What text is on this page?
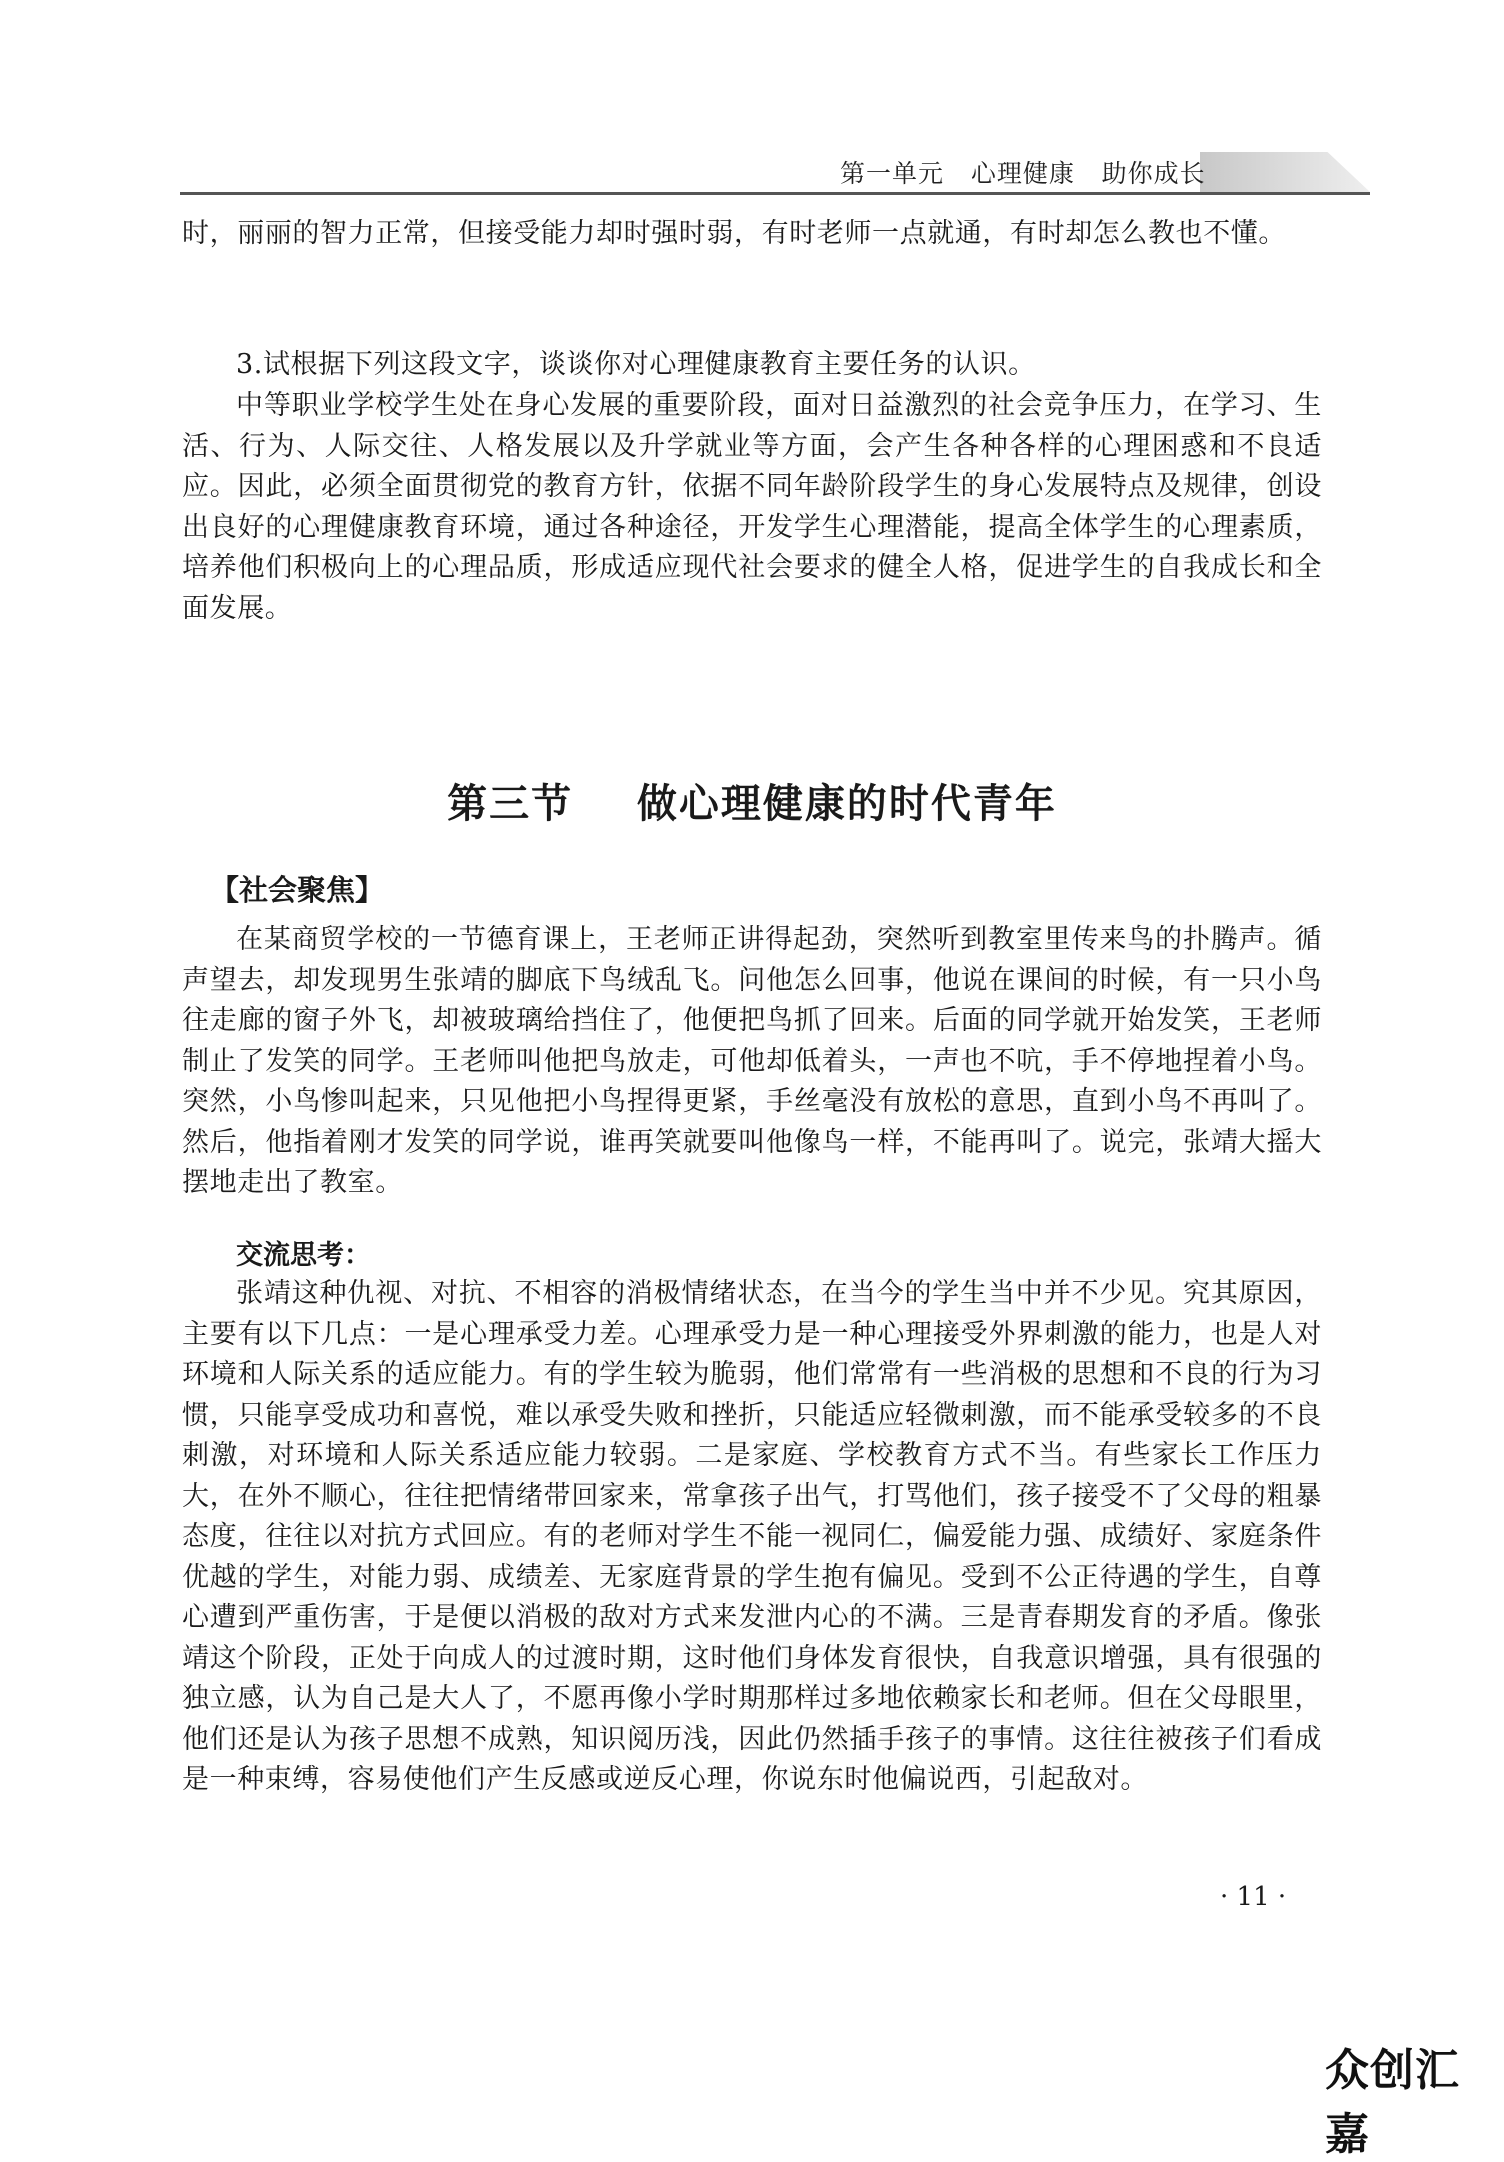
第一单元   心理健康   助你成长
时，丽丽的智力正常，但接受能力却时强时弱，有时老师一点就通，有时却怎么教也不懂。
3.试根据下列这段文字，谈谈你对心理健康教育主要任务的认识。
中等职业学校学生处在身心发展的重要阶段，面对日益激烈的社会竞争压力，在学习、生活、行为、人际交往、人格发展以及升学就业等方面，会产生各种各样的心理困惑和不良适应。因此，必须全面贯彻党的教育方针，依据不同年龄阶段学生的身心发展特点及规律，创设出良好的心理健康教育环境，通过各种途径，开发学生心理潜能，提高全体学生的心理素质，培养他们积极向上的心理品质，形成适应现代社会要求的健全人格，促进学生的自我成长和全面发展。
第三节    做心理健康的时代青年
【社会聚焦】
在某商贸学校的一节德育课上，王老师正讲得起劲，突然听到教室里传来鸟的扑腾声。循声望去，却发现男生张靖的脚底下鸟绒乱飞。问他怎么回事，他说在课间的时候，有一只小鸟往走廊的窗子外飞，却被玻璃给挡住了，他便把鸟抓了回来。后面的同学就开始发笑，王老师制止了发笑的同学。王老师叫他把鸟放走，可他却低着头，一声也不吭，手不停地捏着小鸟。突然，小鸟惨叫起来，只见他把小鸟捏得更紧，手丝毫没有放松的意思，直到小鸟不再叫了。然后，他指着刚才发笑的同学说，谁再笑就要叫他像鸟一样，不能再叫了。说完，张靖大摇大摆地走出了教室。
交流思考：
张靖这种仇视、对抗、不相容的消极情绪状态，在当今的学生当中并不少见。究其原因，主要有以下几点：一是心理承受力差。心理承受力是一种心理接受外界刺激的能力，也是人对环境和人际关系的适应能力。有的学生较为脆弱，他们常常有一些消极的思想和不良的行为习惯，只能享受成功和喜悦，难以承受失败和挫折，只能适应轻微刺激，而不能承受较多的不良刺激，对环境和人际关系适应能力较弱。二是家庭、学校教育方式不当。有些家长工作压力大，在外不顺心，往往把情绪带回家来，常拿孩子出气，打骂他们，孩子接受不了父母的粗暴态度，往往以对抗方式回应。有的老师对学生不能一视同仁，偏爱能力强、成绩好、家庭条件优越的学生，对能力弱、成绩差、无家庭背景的学生抱有偏见。受到不公正待遇的学生，自尊心遭到严重伤害，于是便以消极的敌对方式来发泄内心的不满。三是青春期发育的矛盾。像张靖这个阶段，正处于向成人的过渡时期，这时他们身体发育很快，自我意识增强，具有很强的独立感，认为自己是大人了，不愿再像小学时期那样过多地依赖家长和老师。但在父母眼里，他们还是认为孩子思想不成熟，知识阅历浅，因此仍然插手孩子的事情。这往往被孩子们看成是一种束缚，容易使他们产生反感或逆反心理，你说东时他偏说西，引起敌对。
· 11 ·
众创汇嘉
